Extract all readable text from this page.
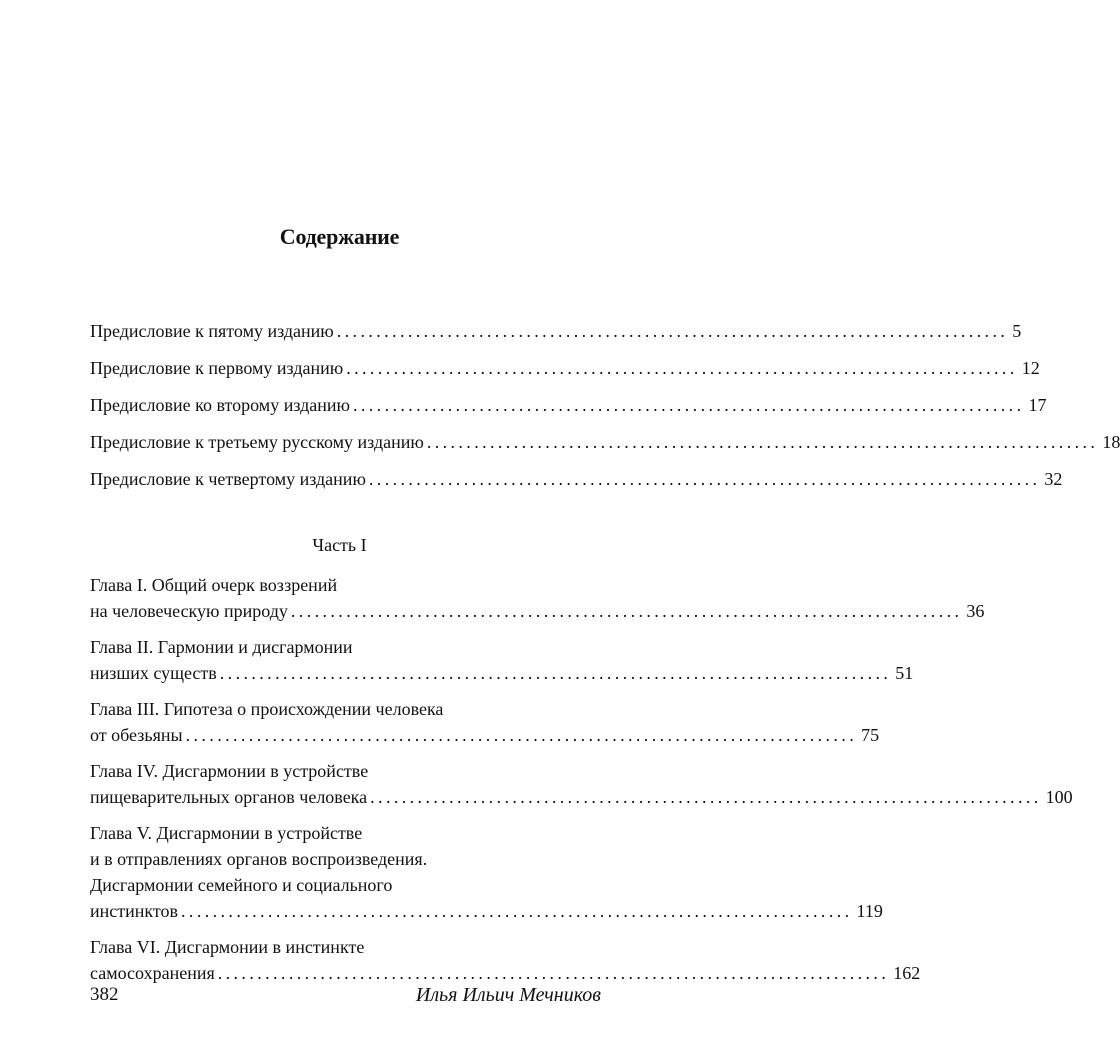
Содержание
Предисловие к пятому изданию ..................................................................................... 5
Предисловие к первому изданию ..................................................................................... 12
Предисловие ко второму изданию ..................................................................................... 17
Предисловие к третьему русскому изданию ..................................................................................... 18
Предисловие к четвертому изданию ..................................................................................... 32
Часть I
Глава I. Общий очерк воззрений
на человеческую природу ..................................................................................... 36
Глава II. Гармонии и дисгармонии
низших существ ..................................................................................... 51
Глава III. Гипотеза о происхождении человека
от обезьяны ..................................................................................... 75
Глава IV. Дисгармонии в устройстве
пищеварительных органов человека ..................................................................................... 100
Глава V. Дисгармонии в устройстве
и в отправлениях органов воспроизведения.
Дисгармонии семейного и социального
инстинктов ..................................................................................... 119
Глава VI. Дисгармонии в инстинкте
самосохранения ..................................................................................... 162
382	Илья Ильич Мечников
